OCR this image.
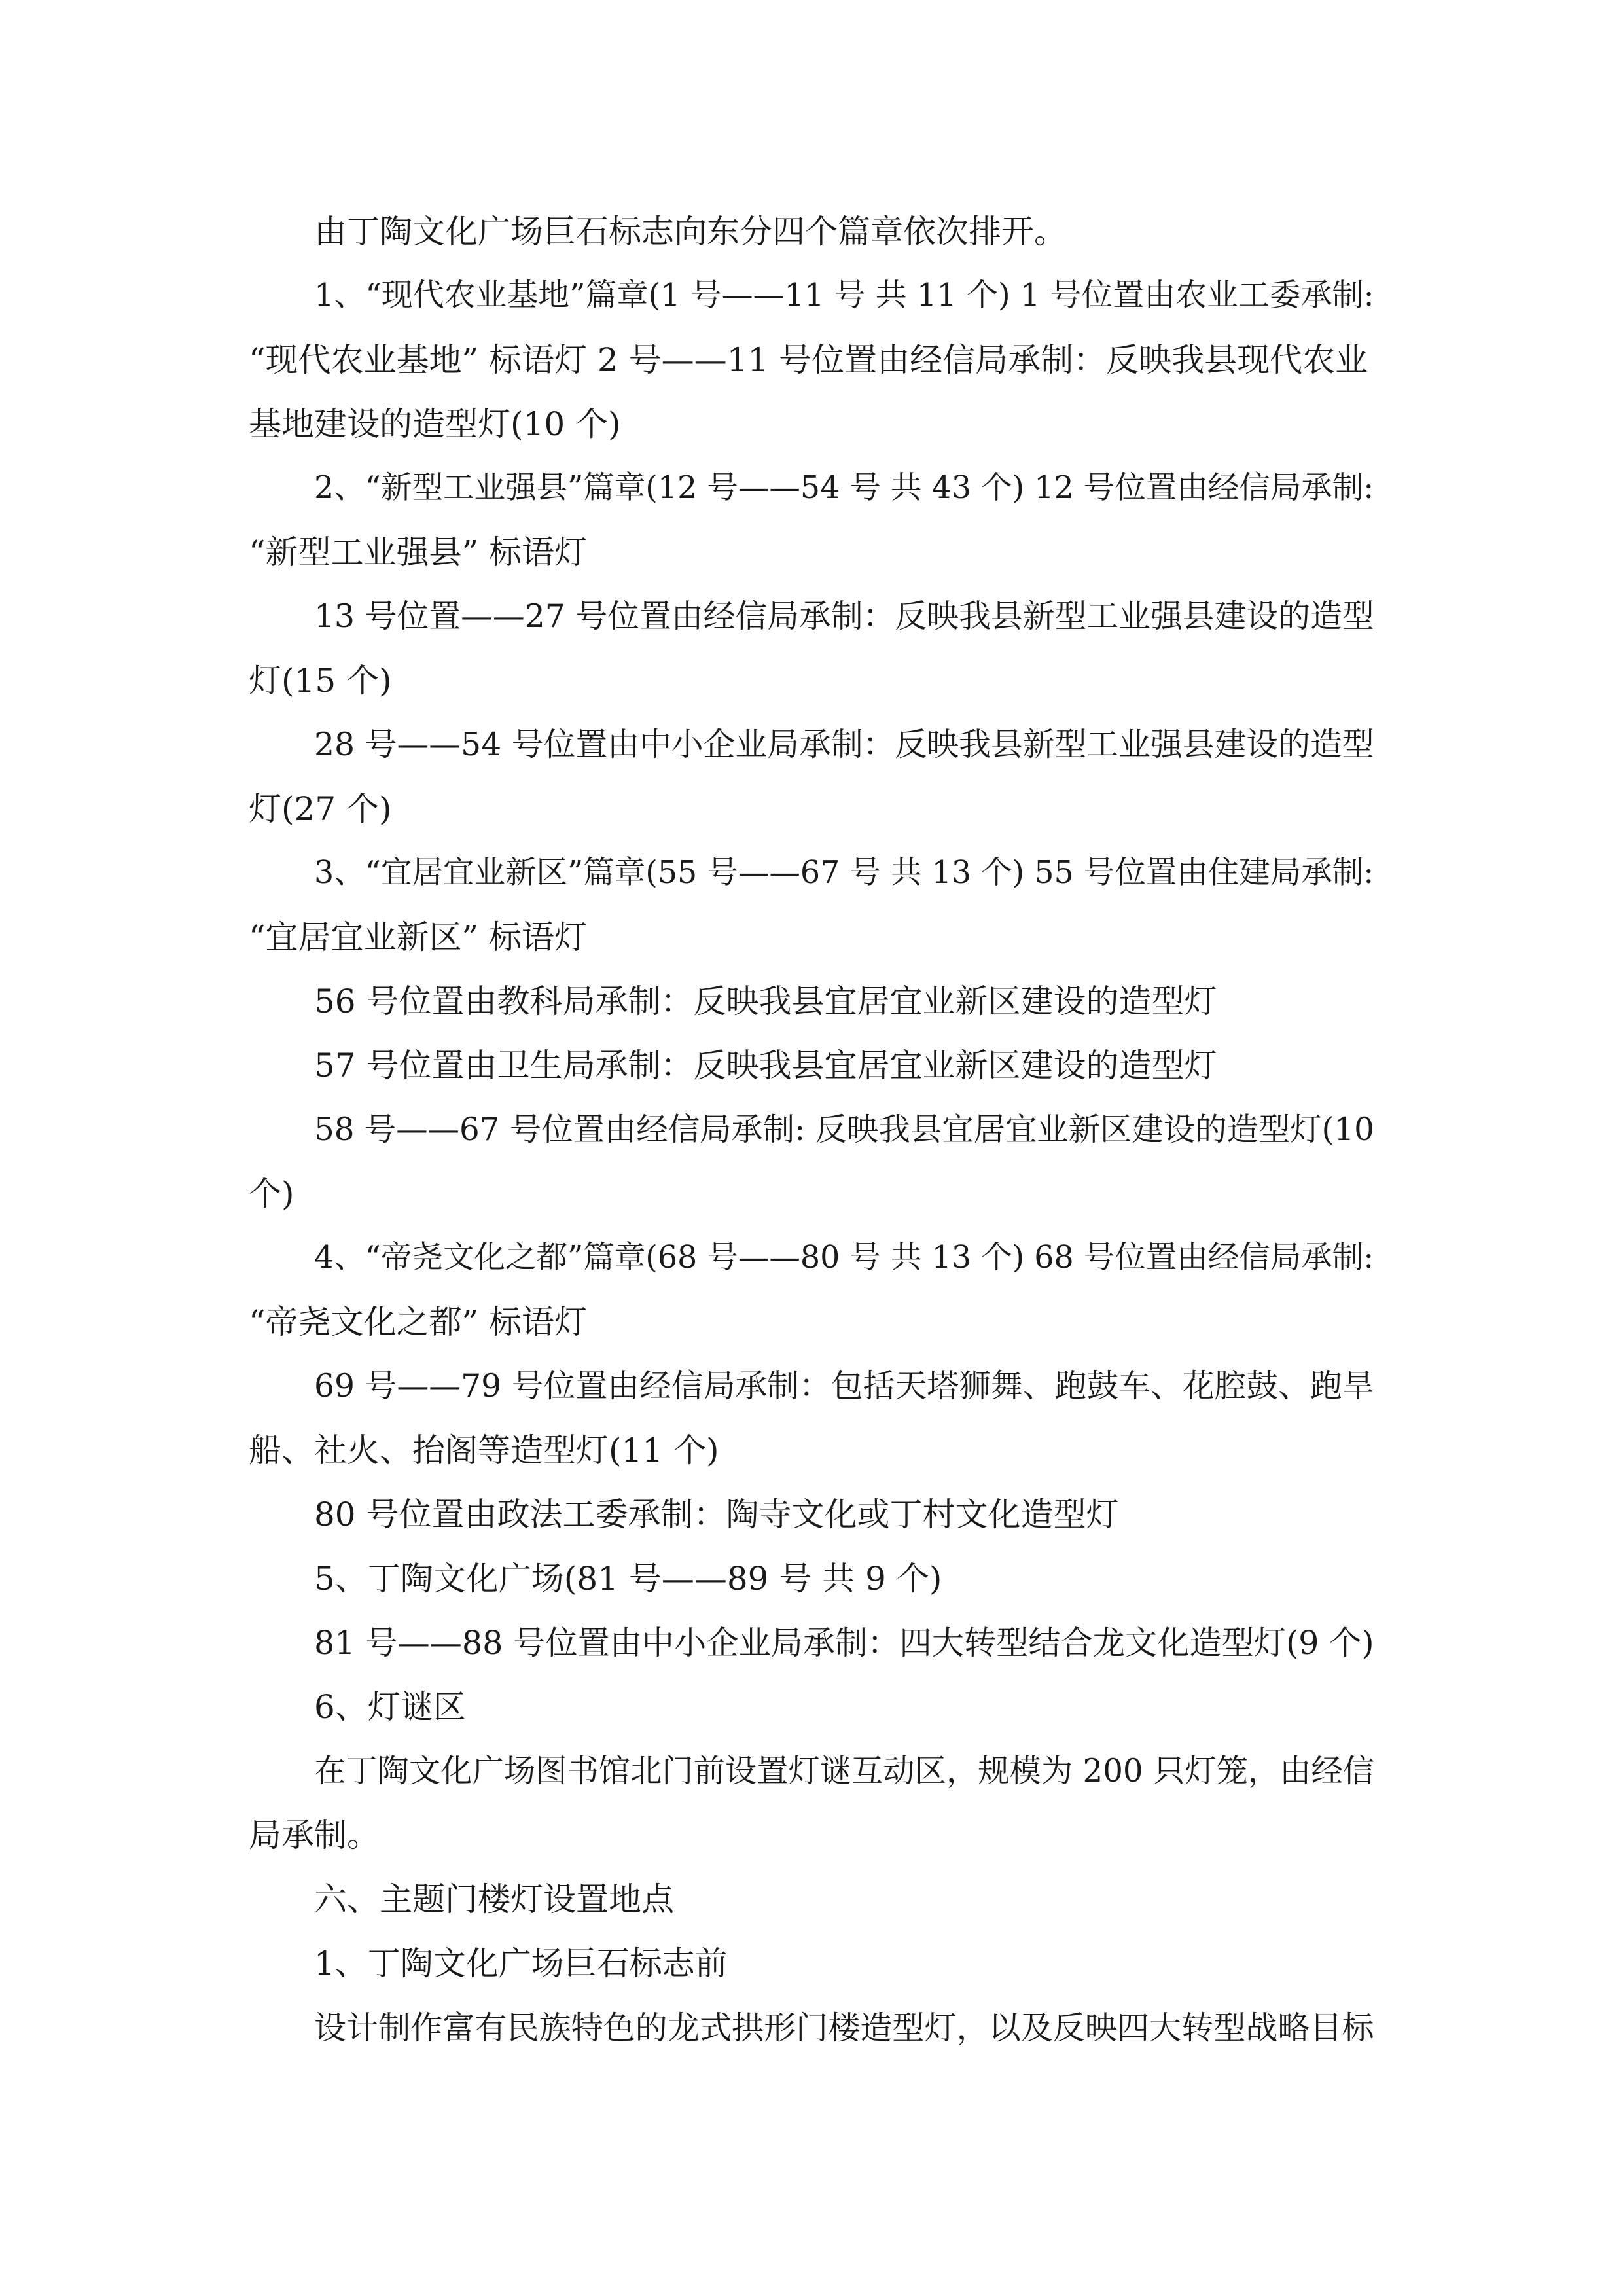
由丁陶文化广场巨石标志向东分四个篇章依次排开。
1、“现代农业基地”篇章(1 号——11 号 共 11 个) 1 号位置由农业工委承制:
“现代农业基地” 标语灯 2 号——11 号位置由经信局承制：反映我县现代农业
基地建设的造型灯(10 个)
2、“新型工业强县”篇章(12 号——54 号 共 43 个) 12 号位置由经信局承制:
“新型工业强县” 标语灯
13 号位置——27 号位置由经信局承制：反映我县新型工业强县建设的造型
灯(15 个)
28 号——54 号位置由中小企业局承制：反映我县新型工业强县建设的造型
灯(27 个)
3、“宜居宜业新区”篇章(55 号——67 号 共 13 个) 55 号位置由住建局承制:
“宜居宜业新区” 标语灯
56 号位置由教科局承制：反映我县宜居宜业新区建设的造型灯
57 号位置由卫生局承制：反映我县宜居宜业新区建设的造型灯
58 号——67 号位置由经信局承制: 反映我县宜居宜业新区建设的造型灯(10
个)
4、“帝尧文化之都”篇章(68 号——80 号 共 13 个) 68 号位置由经信局承制:
“帝尧文化之都” 标语灯
69 号——79 号位置由经信局承制：包括天塔狮舞、跑鼓车、花腔鼓、跑旱
船、社火、抬阁等造型灯(11 个)
80 号位置由政法工委承制：陶寺文化或丁村文化造型灯
5、丁陶文化广场(81 号——89 号 共 9 个)
81 号——88 号位置由中小企业局承制：四大转型结合龙文化造型灯(9 个)
6、灯谜区
在丁陶文化广场图书馆北门前设置灯谜互动区，规模为 200 只灯笼，由经信
局承制。
六、主题门楼灯设置地点
1、丁陶文化广场巨石标志前
设计制作富有民族特色的龙式拱形门楼造型灯，以及反映四大转型战略目标
